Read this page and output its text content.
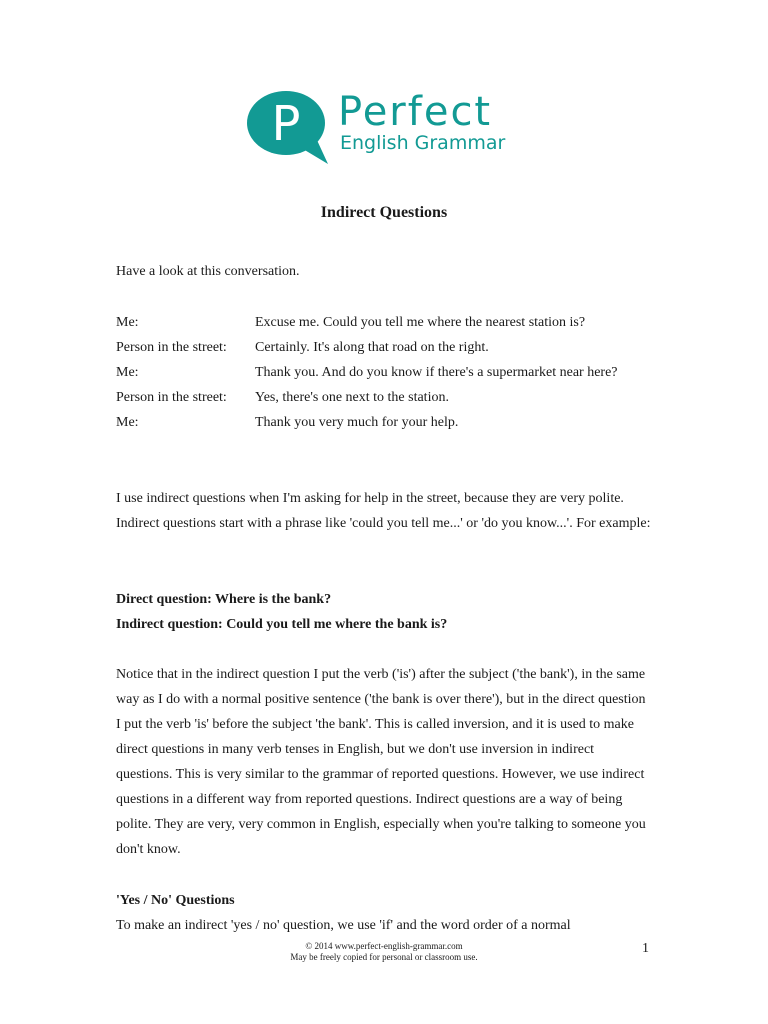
P Perfect
English Grammar
Indirect Questions
Have a look at this conversation.
Me:	Excuse me. Could you tell me where the nearest station is?
Person in the street:	Certainly. It's along that road on the right.
Me:	Thank you. And do you know if there's a supermarket near here?
Person in the street:	Yes, there's one next to the station.
Me:	Thank you very much for your help.
I use indirect questions when I'm asking for help in the street, because they are very polite. Indirect questions start with a phrase like 'could you tell me...' or 'do you know...'. For example:
Direct question: Where is the bank?
Indirect question: Could you tell me where the bank is?
Notice that in the indirect question I put the verb ('is') after the subject ('the bank'), in the same way as I do with a normal positive sentence ('the bank is over there'), but in the direct question I put the verb 'is' before the subject 'the bank'. This is called inversion, and it is used to make direct questions in many verb tenses in English, but we don't use inversion in indirect questions. This is very similar to the grammar of reported questions. However, we use indirect questions in a different way from reported questions. Indirect questions are a way of being polite. They are very, very common in English, especially when you're talking to someone you don't know.
'Yes / No' Questions
To make an indirect 'yes / no' question, we use 'if' and the word order of a normal
© 2014 www.perfect-english-grammar.com
May be freely copied for personal or classroom use.
1
